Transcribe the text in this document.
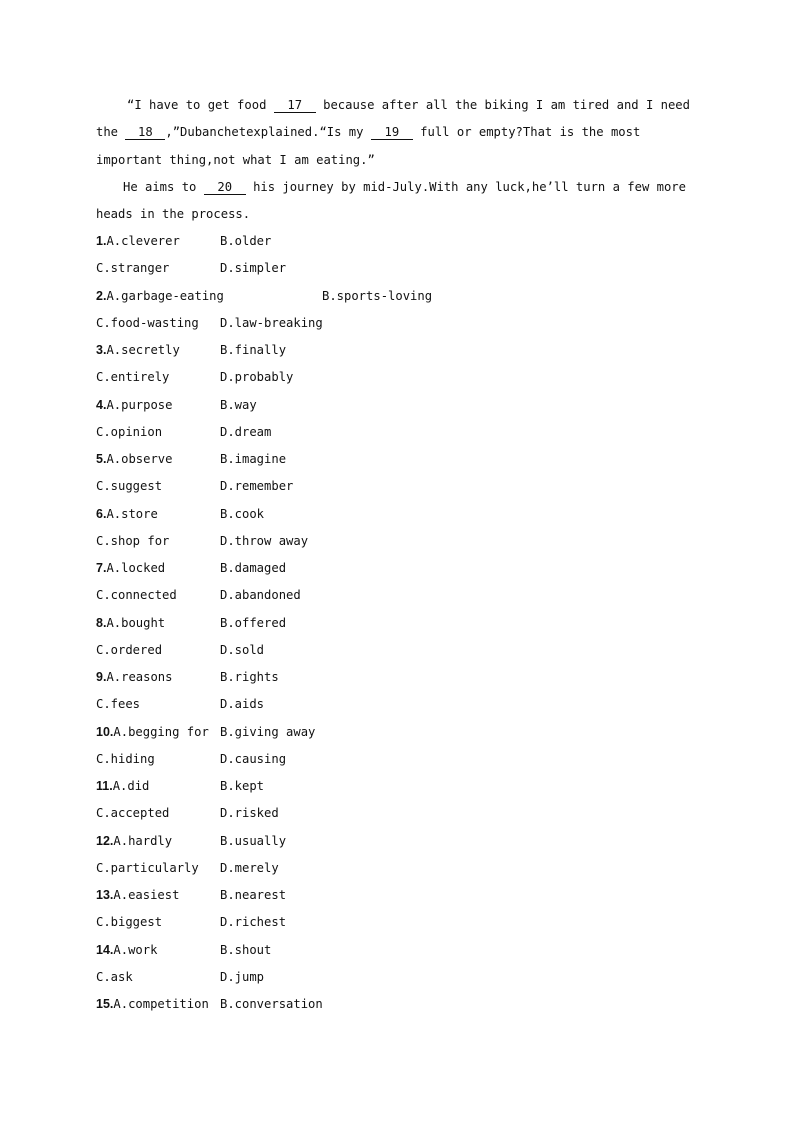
“I have to get food 17 because after all the biking I am tired and I need
the 18 ,”Dubanchetexplained.“Is my 19 full or empty?That is the most
important thing,not what I am eating.”
He aims to 20 his journey by mid-July.With any luck,he’ll turn a few more
heads in the process.
1.A.cleverer	B.older
C.stranger	D.simpler
2.A.garbage-eating	B.sports-loving
C.food-wasting D.law-breaking
3.A.secretly	B.finally
C.entirely	D.probably
4.A.purpose	B.way
C.opinion	D.dream
5.A.observe	B.imagine
C.suggest	D.remember
6.A.store	B.cook
C.shop for	D.throw away
7.A.locked	B.damaged
C.connected	D.abandoned
8.A.bought	B.offered
C.ordered	D.sold
9.A.reasons	B.rights
C.fees	D.aids
10.A.begging for B.giving away
C.hiding	D.causing
11.A.did	B.kept
C.accepted	D.risked
12.A.hardly	B.usually
C.particularly D.merely
13.A.easiest	B.nearest
C.biggest	D.richest
14.A.work	B.shout
C.ask	D.jump
15.A.competition B.conversation
